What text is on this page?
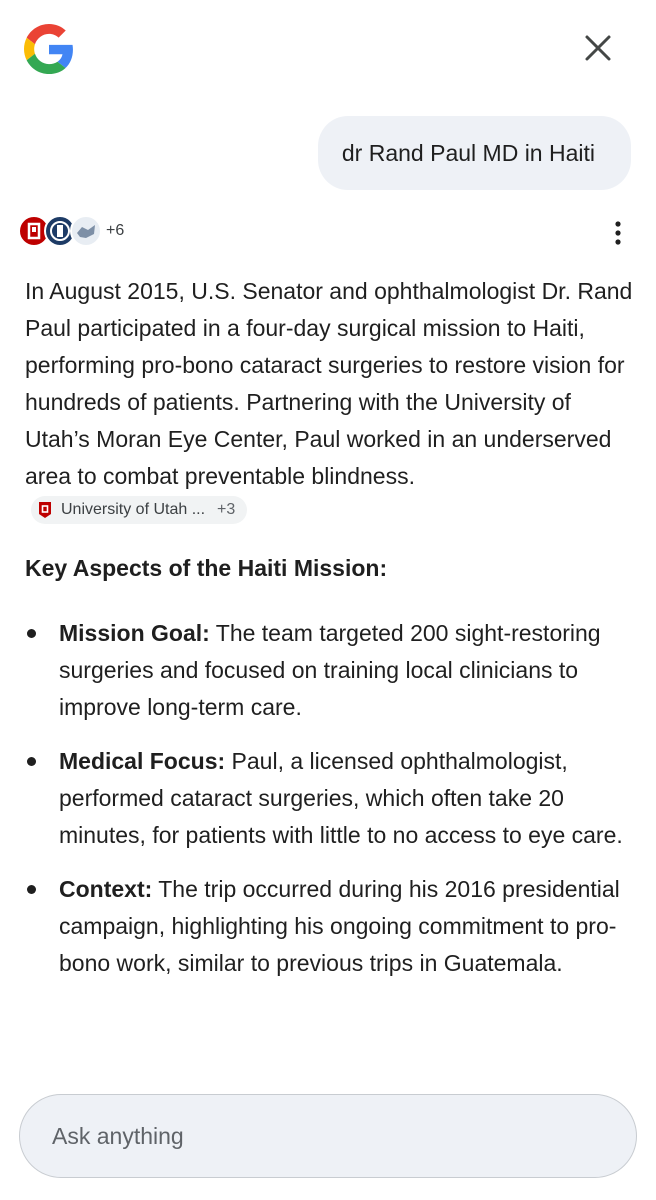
dr Rand Paul MD in Haiti
+6

In August 2015, U.S. Senator and ophthalmologist Dr. Rand Paul participated in a four-day surgical mission to Haiti, performing pro-bono cataract surgeries to restore vision for hundreds of patients. Partnering with the University of Utah’s Moran Eye Center, Paul worked in an underserved area to combat preventable blindness.
University of Utah ... +3

Key Aspects of the Haiti Mission:
Mission Goal: The team targeted 200 sight-restoring surgeries and focused on training local clinicians to improve long-term care.
Medical Focus: Paul, a licensed ophthalmologist, performed cataract surgeries, which often take 20 minutes, for patients with little to no access to eye care.
Context: The trip occurred during his 2016 presidential campaign, highlighting his ongoing commitment to pro-bono work, similar to previous trips in Guatemala.
Ask anything
